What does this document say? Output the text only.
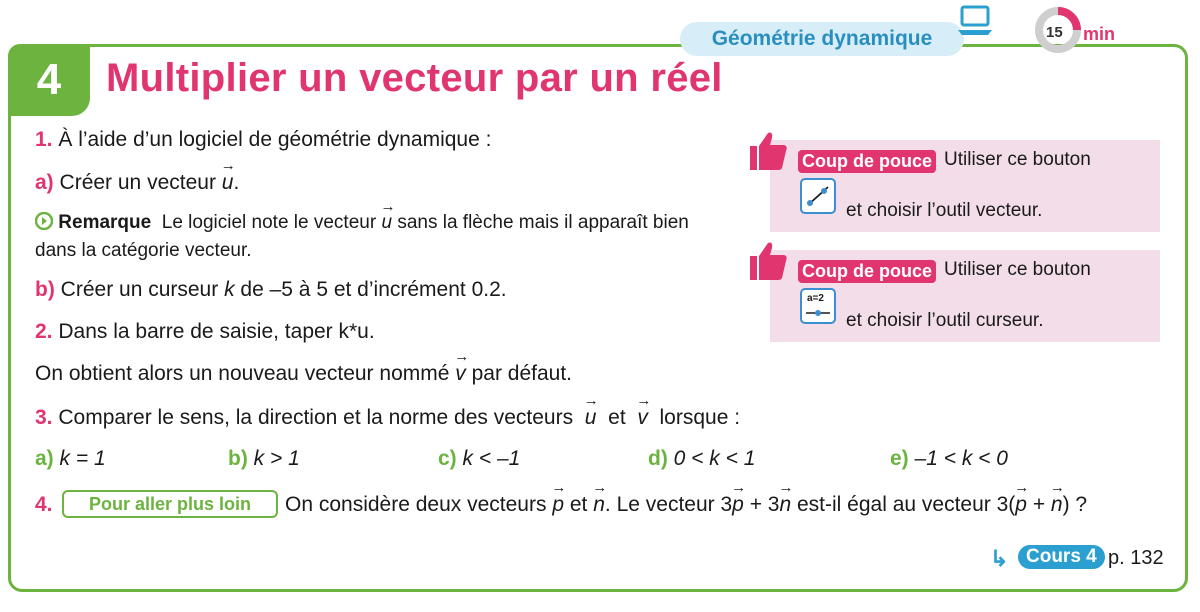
4	Multiplier un vecteur par un réel
Géométrie dynamique	15 min
1. À l’aide d’un logiciel de géométrie dynamique :
a) Créer un vecteur → u.
Remarque Le logiciel note le vecteur → u sans la flèche mais il apparaît bien
dans la catégorie vecteur.
b) Créer un curseur k de –5 à 5 et d’incrément 0.2.
2. Dans la barre de saisie, taper k*u.
On obtient alors un nouveau vecteur nommé → v par défaut.
3. Comparer le sens, la direction et la norme des vecteurs → u et → v lorsque :
a) k = 1	b) k > 1	c) k < –1	d) 0 < k < 1	e) –1 < k < 0
4.	Pour aller plus loin	On considère deux vecteurs → p et → n. Le vecteur 3→ p + 3→ n est-il égal au vecteur 3(→ p + → n) ?
Coup de pouce Utiliser ce bouton
et choisir l’outil vecteur.
Coup de pouce Utiliser ce bouton
a=2
et choisir l’outil curseur.
↳ Cours 4 p. 132
